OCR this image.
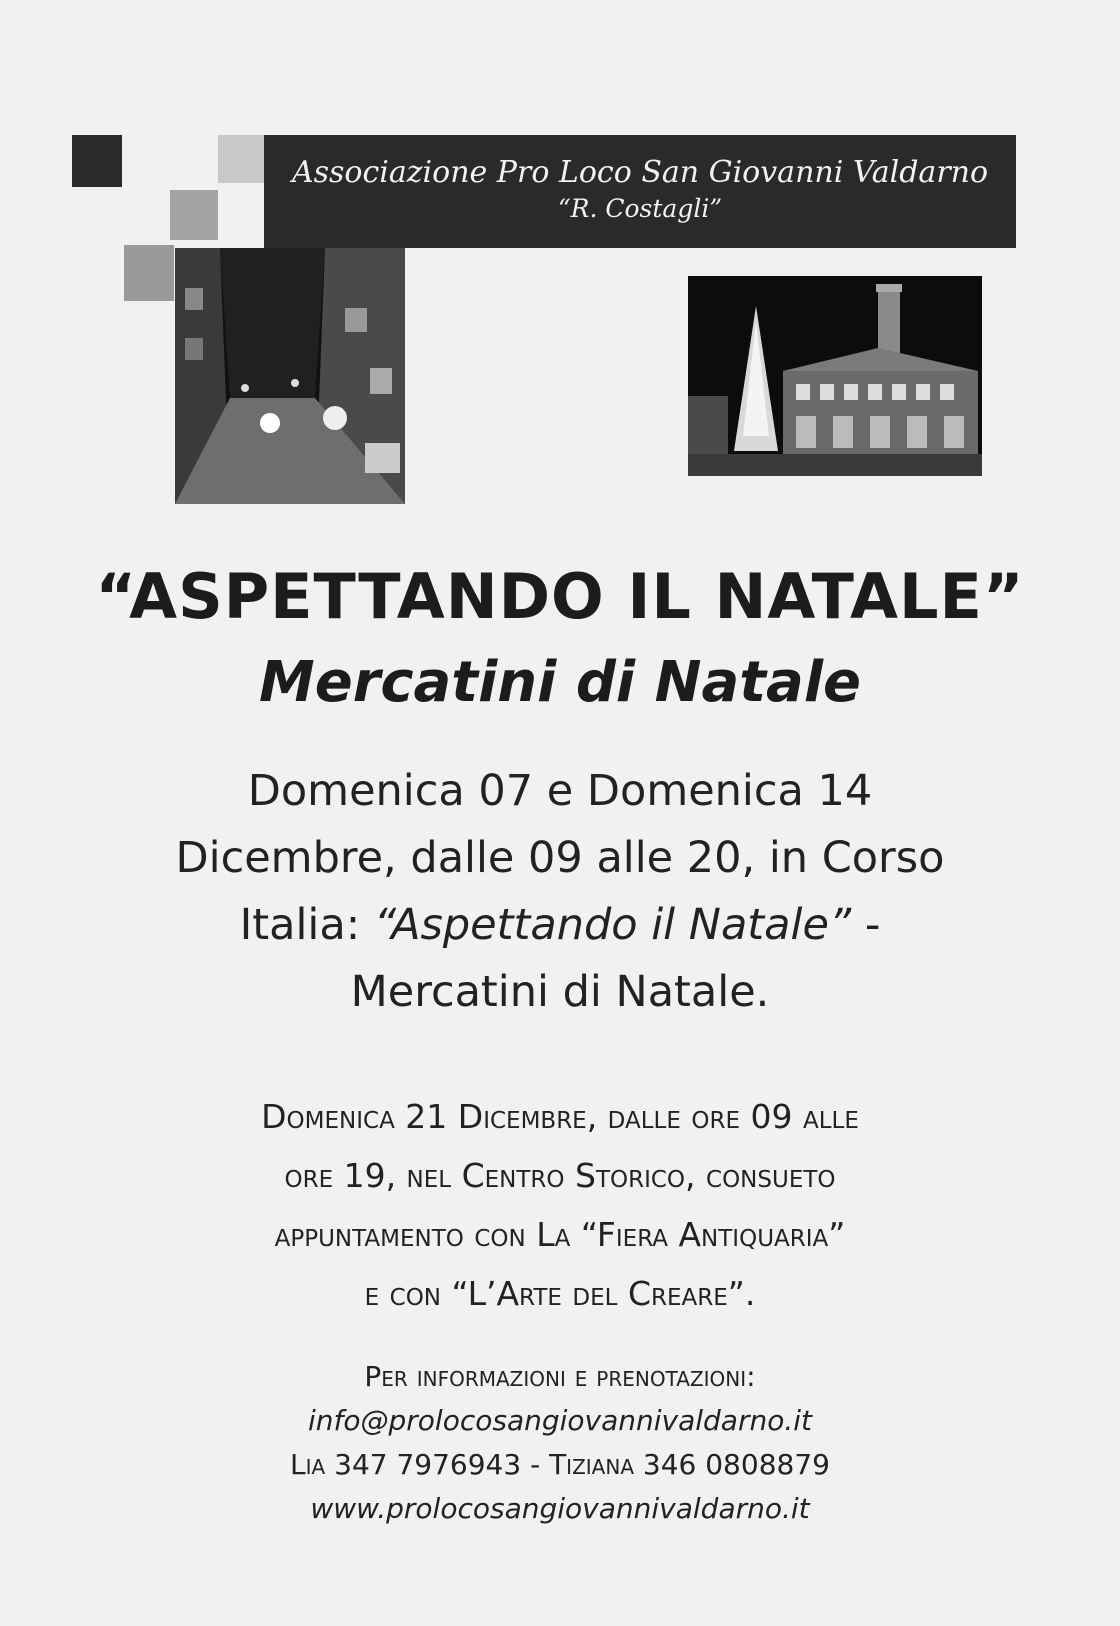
Associazione Pro Loco San Giovanni Valdarno
“R. Costagli”
“ASPETTANDO IL NATALE”
Mercatini di Natale
Domenica 07 e Domenica 14
Dicembre, dalle 09 alle 20, in Corso
Italia: “Aspettando il Natale” -
Mercatini di Natale.
Domenica 21 Dicembre, dalle ore 09 alle
ore 19, nel Centro Storico, consueto
appuntamento con La “Fiera Antiquaria”
e con “L’Arte del Creare”.
Per informazioni e prenotazioni:
info@prolocosangiovannivaldarno.it
Lia 347 7976943 - Tiziana 346 0808879
www.prolocosangiovannivaldarno.it
